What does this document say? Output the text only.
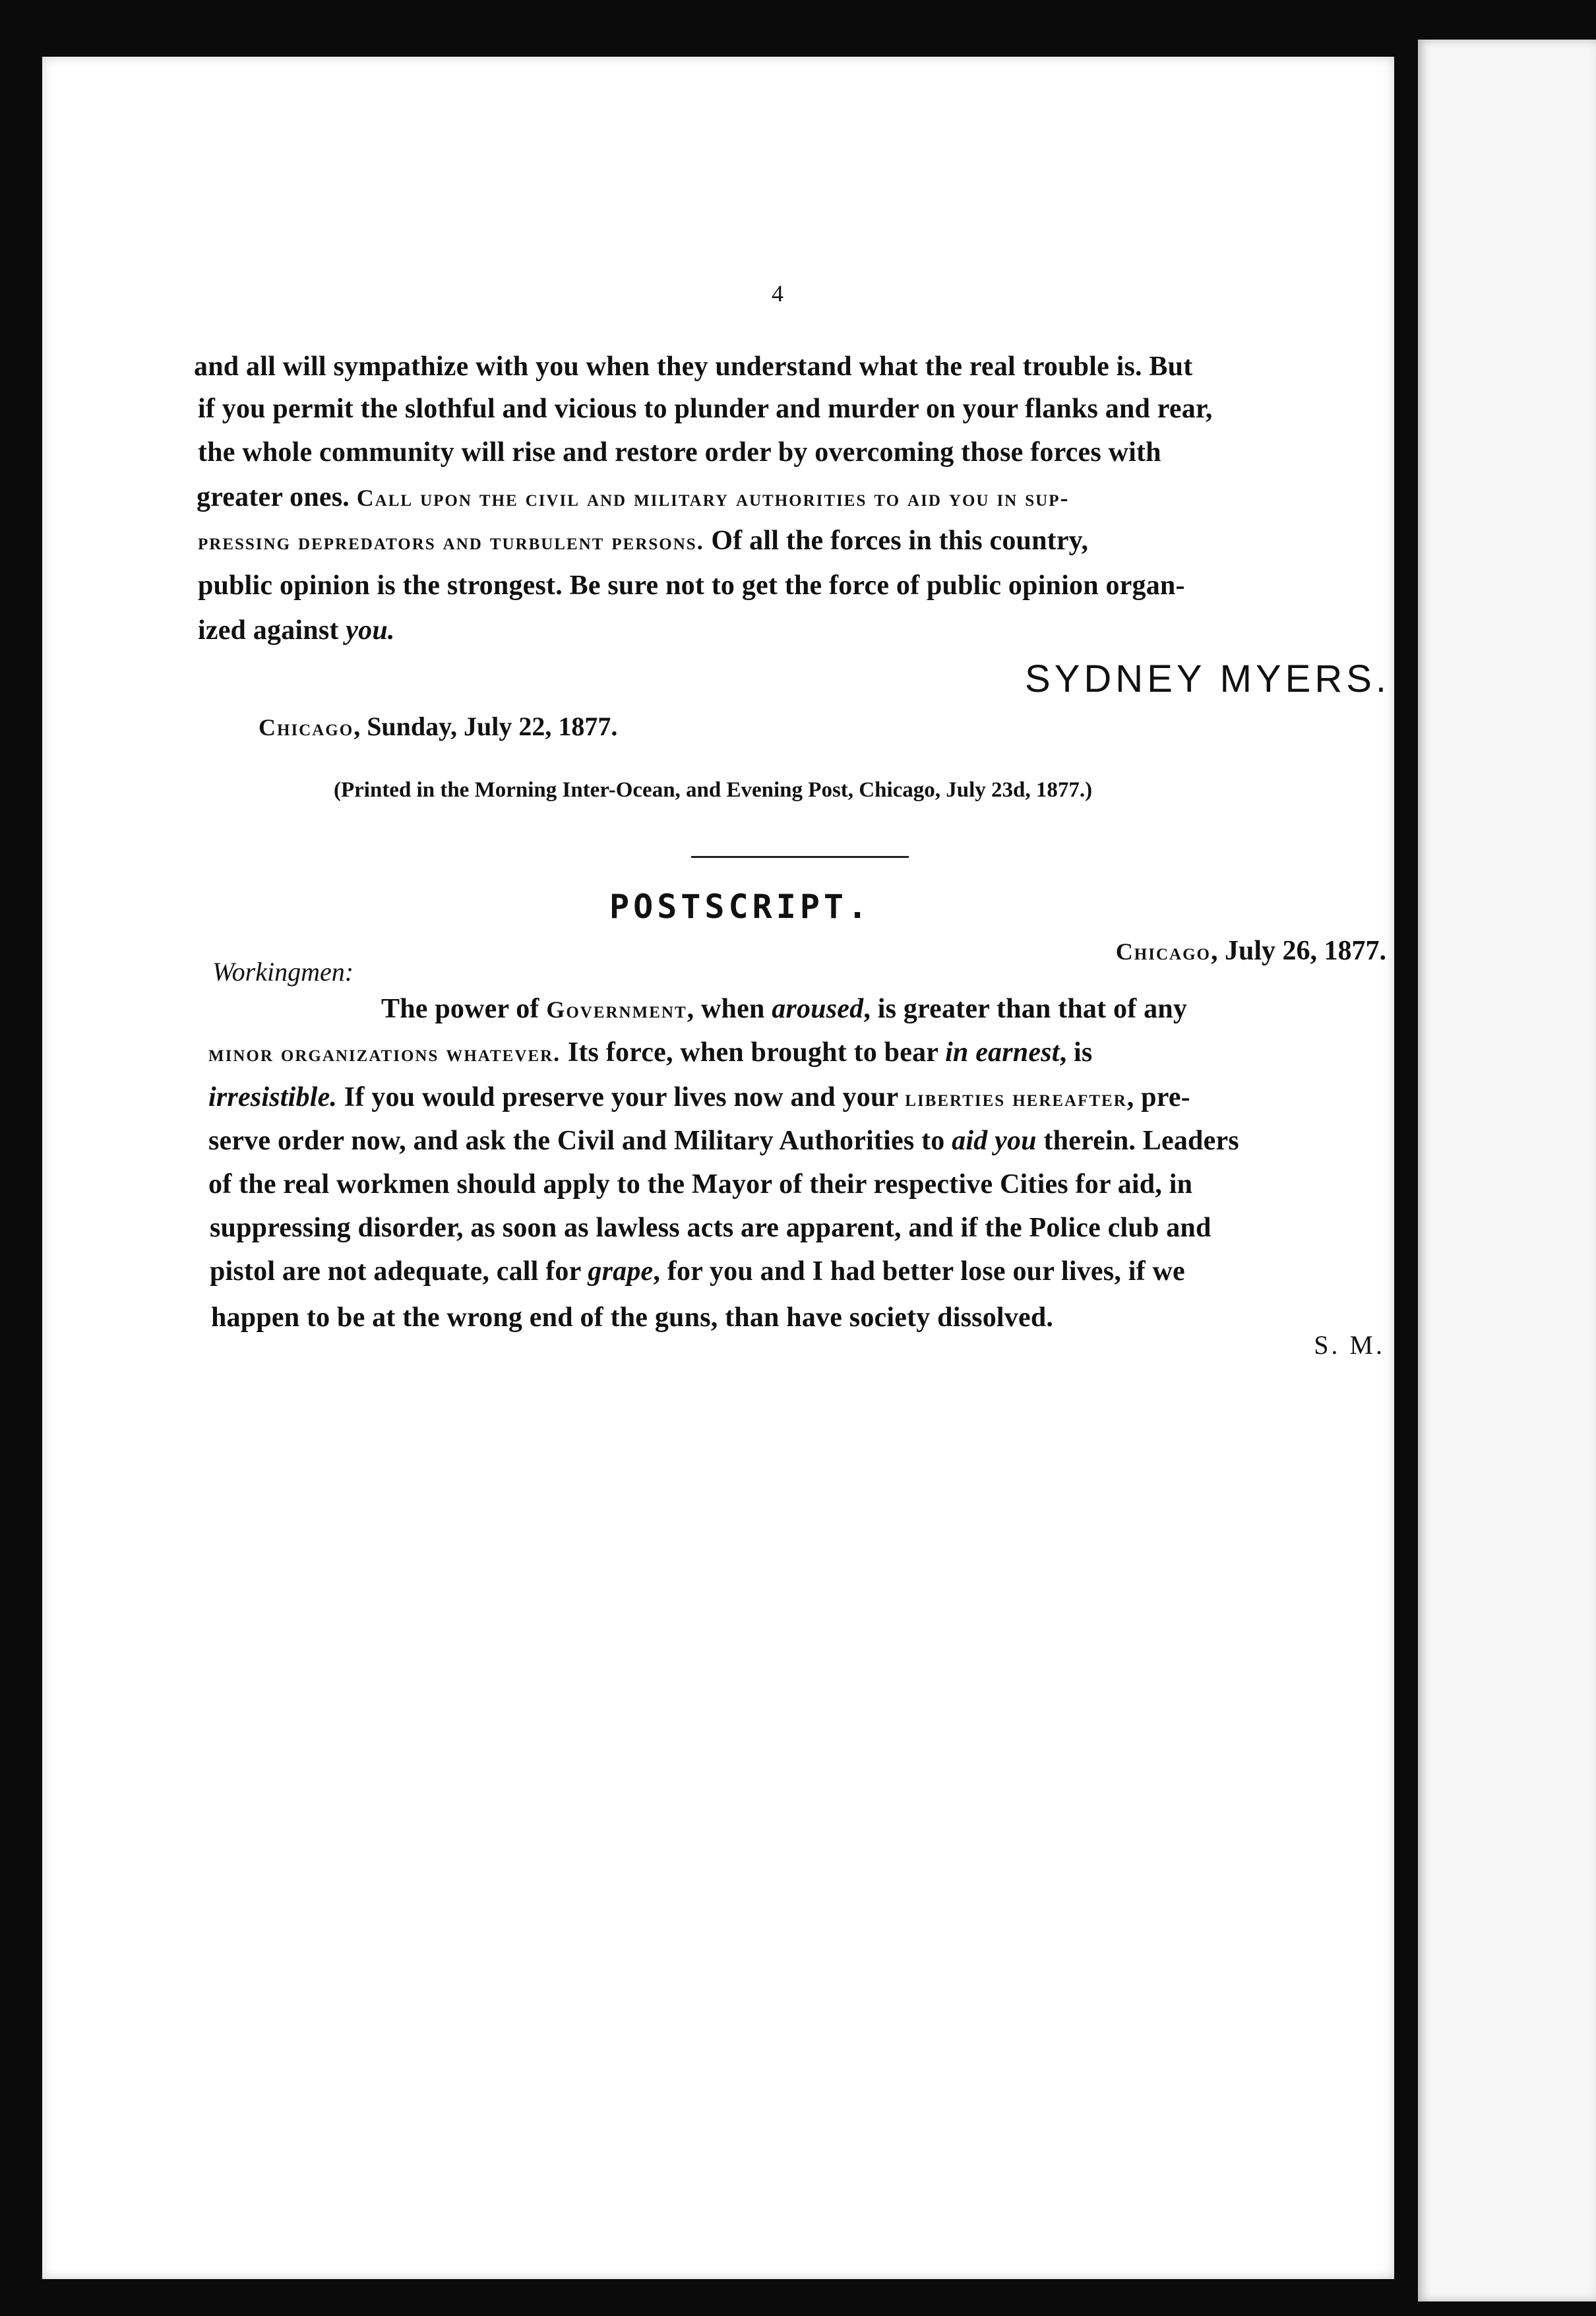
4
and all will sympathize with you when they understand what the real trouble is. But
if you permit the slothful and vicious to plunder and murder on your flanks and rear,
the whole community will rise and restore order by overcoming those forces with
greater ones. Call upon the civil and military authorities to aid you in sup-
pressing depredators and turbulent persons. Of all the forces in this country,
public opinion is the strongest. Be sure not to get the force of public opinion organ-
ized against you.
SYDNEY MYERS.
Chicago, Sunday, July 22, 1877.
(Printed in the Morning Inter-Ocean, and Evening Post, Chicago, July 23d, 1877.)
POSTSCRIPT.
Chicago, July 26, 1877.
Workingmen:
The power of Government, when aroused, is greater than that of any
minor organizations whatever. Its force, when brought to bear in earnest, is
irresistible. If you would preserve your lives now and your liberties hereafter, pre-
serve order now, and ask the Civil and Military Authorities to aid you therein. Leaders
of the real workmen should apply to the Mayor of their respective Cities for aid, in
suppressing disorder, as soon as lawless acts are apparent, and if the Police club and
pistol are not adequate, call for grape, for you and I had better lose our lives, if we
happen to be at the wrong end of the guns, than have society dissolved.
S. M.
